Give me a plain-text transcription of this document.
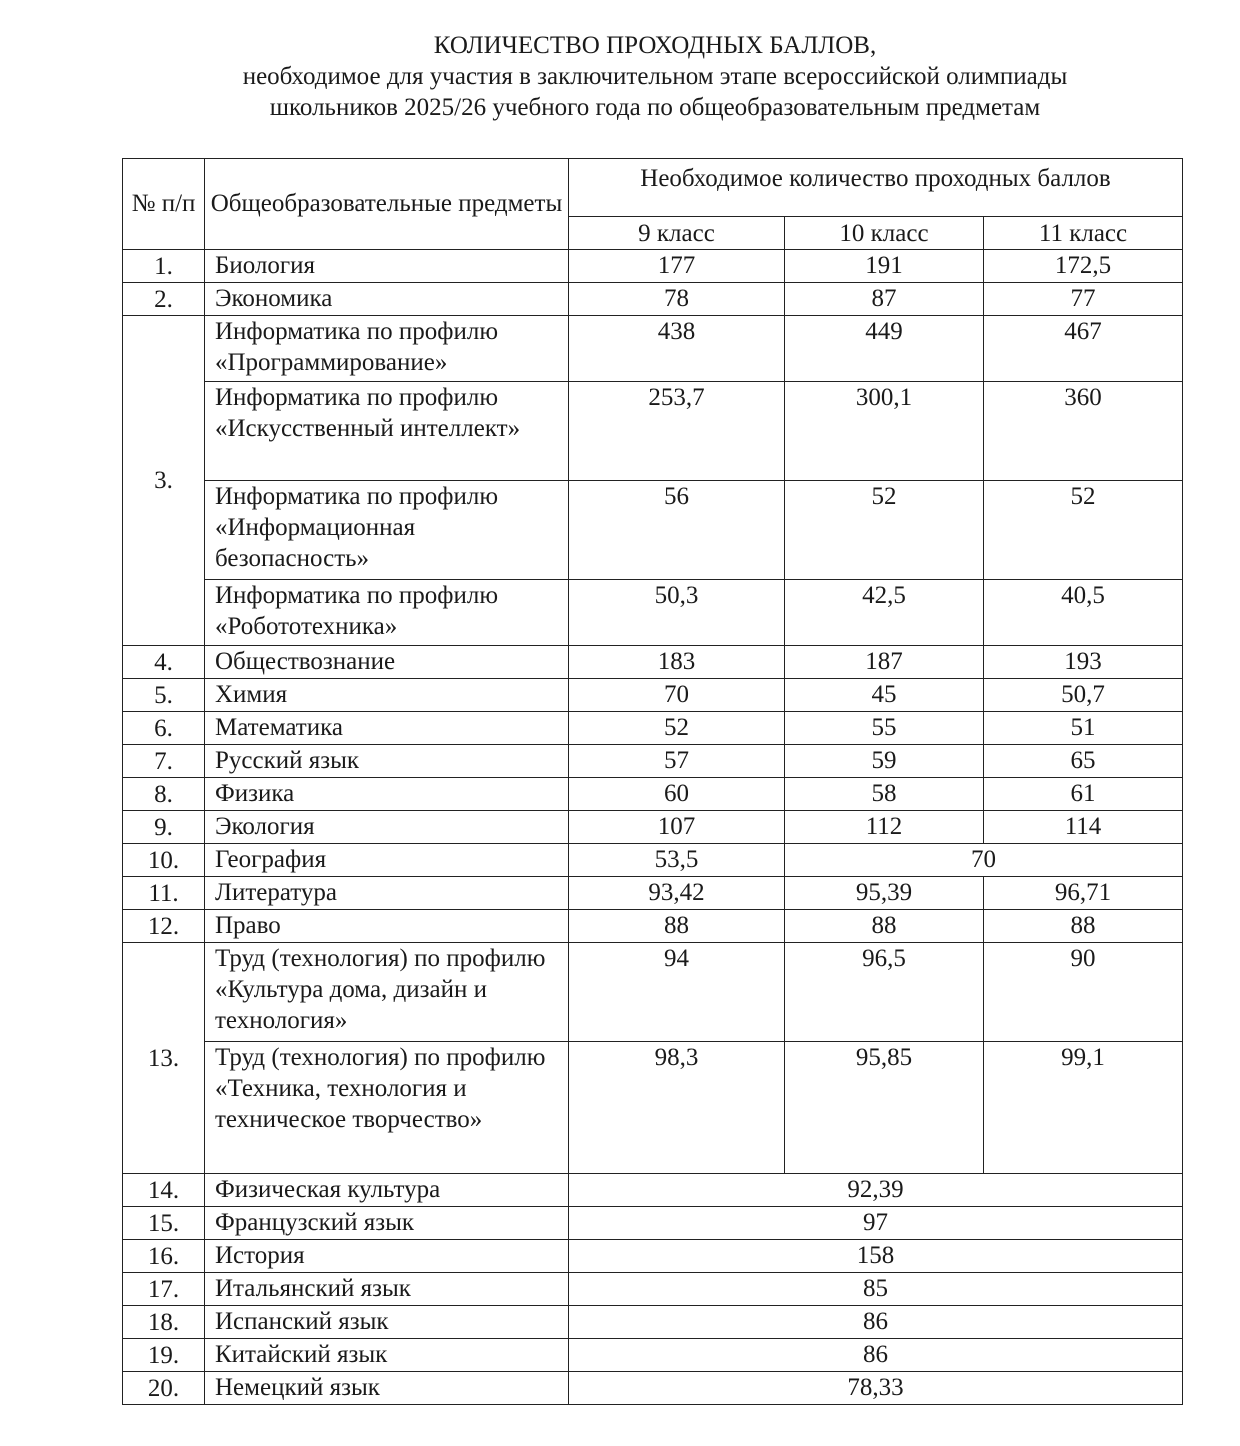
КОЛИЧЕСТВО ПРОХОДНЫХ БАЛЛОВ,
необходимое для участия в заключительном этапе всероссийской олимпиады
школьников 2025/26 учебного года по общеобразовательным предметам
№ п/п	Общеобразовательные предметы	Необходимое количество проходных баллов		
		9 класс	10 класс	11 класс
1.	Биология	177	191	172,5
2.	Экономика	78	87	77
3.	Информатика по профилю «Программирование»	438	449	467
	Информатика по профилю «Искусственный интеллект»	253,7	300,1	360
	Информатика по профилю «Информационная безопасность»	56	52	52
	Информатика по профилю «Робототехника»	50,3	42,5	40,5
4.	Обществознание	183	187	193
5.	Химия	70	45	50,7
6.	Математика	52	55	51
7.	Русский язык	57	59	65
8.	Физика	60	58	61
9.	Экология	107	112	114
10.	География	53,5	70	
11.	Литература	93,42	95,39	96,71
12.	Право	88	88	88
13.	Труд (технология) по профилю «Культура дома, дизайн и технология»	94	96,5	90
	Труд (технология) по профилю «Техника, технология и техническое творчество»	98,3	95,85	99,1
14.	Физическая культура	92,39		
15.	Французский язык	97		
16.	История	158		
17.	Итальянский язык	85		
18.	Испанский язык	86		
19.	Китайский язык	86		
20.	Немецкий язык	78,33		
